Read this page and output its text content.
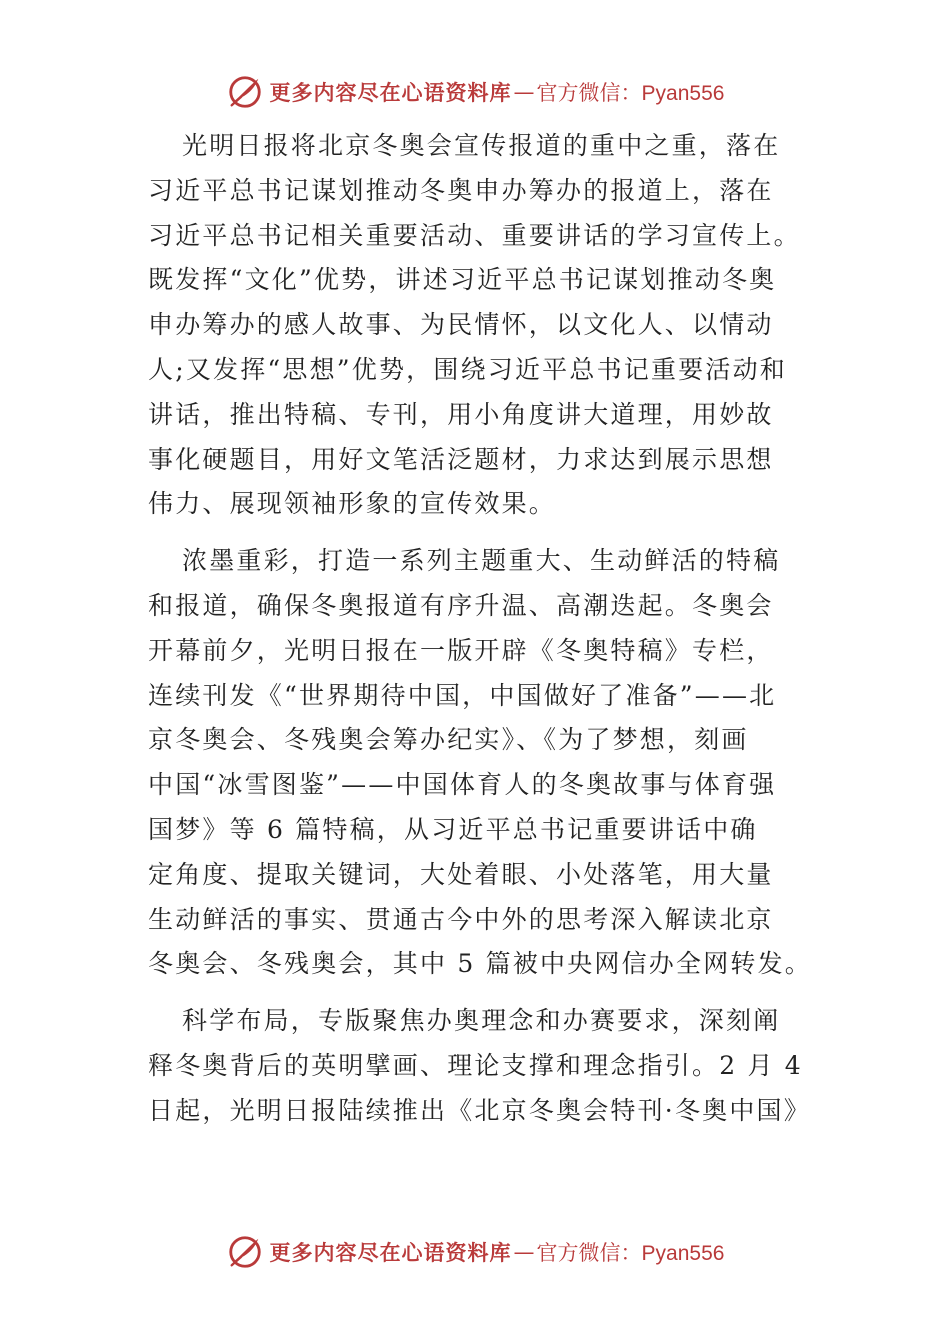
更多内容尽在心语资料库 — 官方微信：Pyan556
光明日报将北京冬奥会宣传报道的重中之重，落在
习近平总书记谋划推动冬奥申办筹办的报道上，落在
习近平总书记相关重要活动、重要讲话的学习宣传上。
既发挥“文化”优势，讲述习近平总书记谋划推动冬奥
申办筹办的感人故事、为民情怀，以文化人、以情动
人;又发挥“思想”优势，围绕习近平总书记重要活动和
讲话，推出特稿、专刊，用小角度讲大道理，用妙故
事化硬题目，用好文笔活泛题材，力求达到展示思想
伟力、展现领袖形象的宣传效果。
浓墨重彩，打造一系列主题重大、生动鲜活的特稿
和报道，确保冬奥报道有序升温、高潮迭起。冬奥会
开幕前夕，光明日报在一版开辟《冬奥特稿》专栏，
连续刊发《“世界期待中国，中国做好了准备”——北
京冬奥会、冬残奥会筹办纪实》、《为了梦想，刻画
中国“冰雪图鉴”——中国体育人的冬奥故事与体育强
国梦》等 6 篇特稿，从习近平总书记重要讲话中确
定角度、提取关键词，大处着眼、小处落笔，用大量
生动鲜活的事实、贯通古今中外的思考深入解读北京
冬奥会、冬残奥会，其中 5 篇被中央网信办全网转发。
科学布局，专版聚焦办奥理念和办赛要求，深刻阐
释冬奥背后的英明擘画、理论支撑和理念指引。2 月 4
日起，光明日报陆续推出《北京冬奥会特刊·冬奥中国》
更多内容尽在心语资料库 — 官方微信：Pyan556
